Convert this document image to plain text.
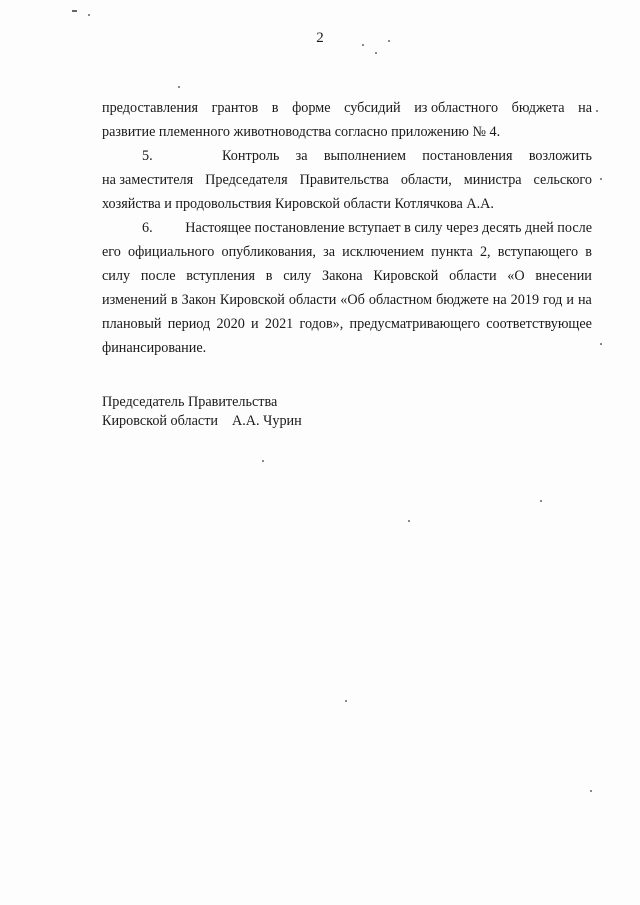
2
предоставления грантов в форме субсидий из областного бюджета на
развитие племенного животноводства согласно приложению № 4.
5.	Контроль за выполнением постановления возложить
на заместителя Председателя Правительства области, министра сельского
хозяйства и продовольствия Кировской области Котлячкова А.А.
6.	Настоящее постановление вступает в силу через десять дней после
его официального опубликования, за исключением пункта 2, вступающего в
силу после вступления в силу Закона Кировской области «О внесении
изменений в Закон Кировской области «Об областном бюджете на 2019 год и на
плановый период 2020 и 2021 годов», предусматривающего соответствующее
финансирование.
Председатель Правительства
Кировской области А.А. Чурин
